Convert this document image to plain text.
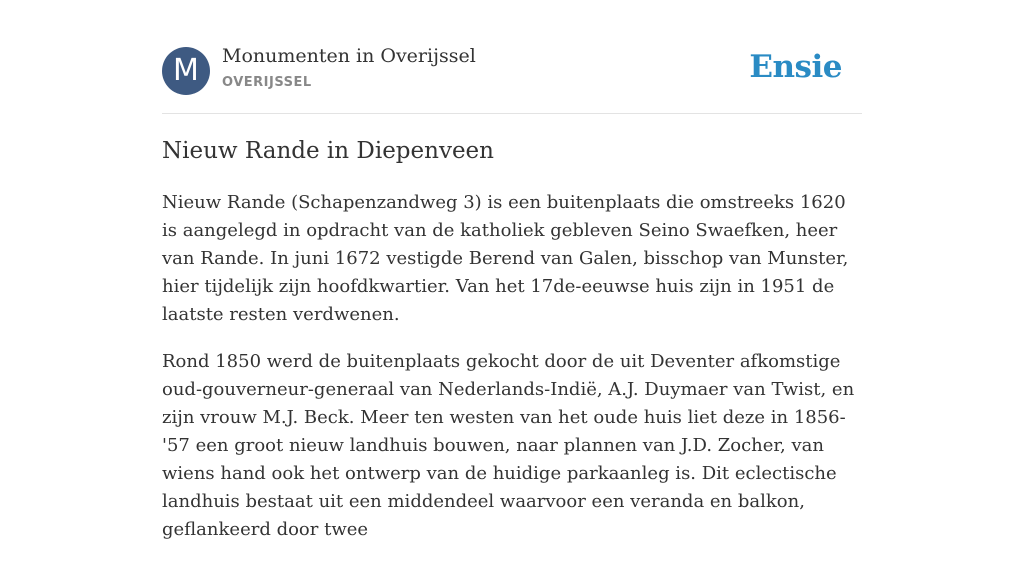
M	Monumenten in Overijssel
OVERIJSSEL	Ensie
Nieuw Rande in Diepenveen

Nieuw Rande (Schapenzandweg 3) is een buitenplaats die omstreeks 1620 is aangelegd in opdracht van de katholiek gebleven Seino Swaefken, heer van Rande. In juni 1672 vestigde Berend van Galen, bisschop van Munster, hier tijdelijk zijn hoofdkwartier. Van het 17de-eeuwse huis zijn in 1951 de laatste resten verdwenen.

Rond 1850 werd de buitenplaats gekocht door de uit Deventer afkomstige oud-gouverneur-generaal van Nederlands-Indië, A.J. Duymaer van Twist, en zijn vrouw M.J. Beck. Meer ten westen van het oude huis liet deze in 1856-'57 een groot nieuw landhuis bouwen, naar plannen van J.D. Zocher, van wiens hand ook het ontwerp van de huidige parkaanleg is. Dit eclectische landhuis bestaat uit een middendeel waarvoor een veranda en balkon, geflankeerd door twee
